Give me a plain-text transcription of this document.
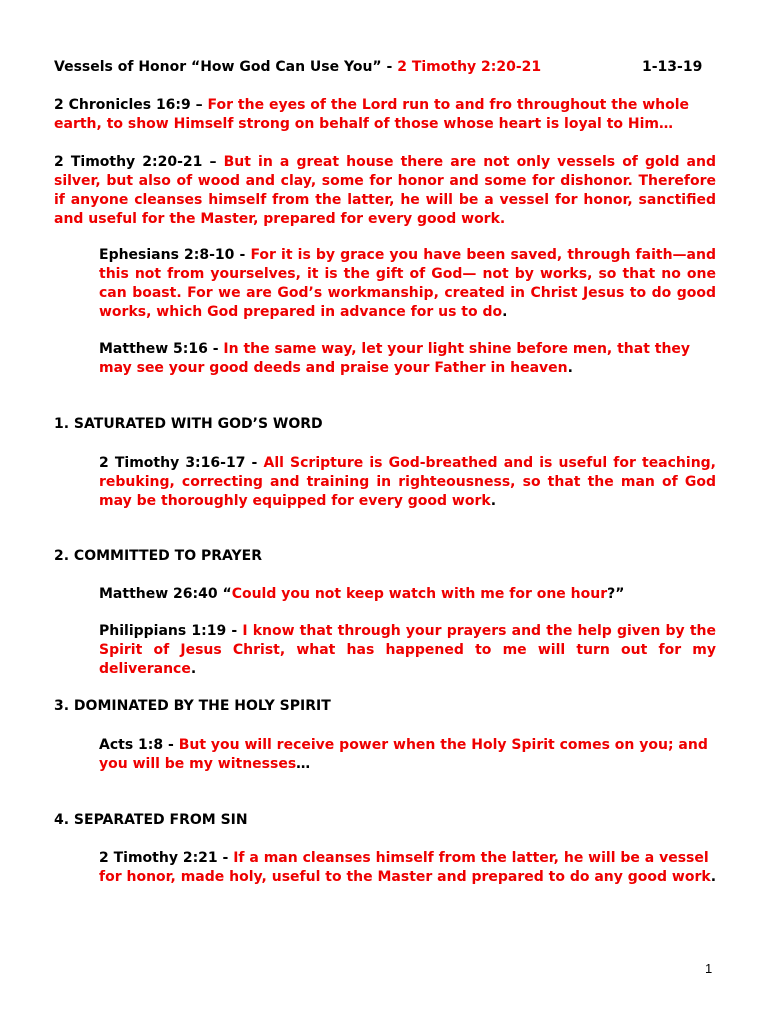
Vessels of Honor “How God Can Use You” - 2 Timothy 2:20-21	1-13-19

2 Chronicles 16:9 – For the eyes of the Lord run to and fro throughout the whole earth, to show Himself strong on behalf of those whose heart is loyal to Him…

2 Timothy 2:20-21 – But in a great house there are not only vessels of gold and silver, but also of wood and clay, some for honor and some for dishonor. Therefore if anyone cleanses himself from the latter, he will be a vessel for honor, sanctified and useful for the Master, prepared for every good work.

Ephesians 2:8-10 - For it is by grace you have been saved, through faith—and this not from yourselves, it is the gift of God— not by works, so that no one can boast. For we are God’s workmanship, created in Christ Jesus to do good works, which God prepared in advance for us to do.

Matthew 5:16 - In the same way, let your light shine before men, that they may see your good deeds and praise your Father in heaven.

1. SATURATED WITH GOD’S WORD

2 Timothy 3:16-17 - All Scripture is God-breathed and is useful for teaching, rebuking, correcting and training in righteousness, so that the man of God may be thoroughly equipped for every good work.

2. COMMITTED TO PRAYER

Matthew 26:40 “Could you not keep watch with me for one hour?”

Philippians 1:19 - I know that through your prayers and the help given by the Spirit of Jesus Christ, what has happened to me will turn out for my deliverance.

3. DOMINATED BY THE HOLY SPIRIT

Acts 1:8 - But you will receive power when the Holy Spirit comes on you; and you will be my witnesses…

4. SEPARATED FROM SIN

2 Timothy 2:21 - If a man cleanses himself from the latter, he will be a vessel for honor, made holy, useful to the Master and prepared to do any good work.

1
